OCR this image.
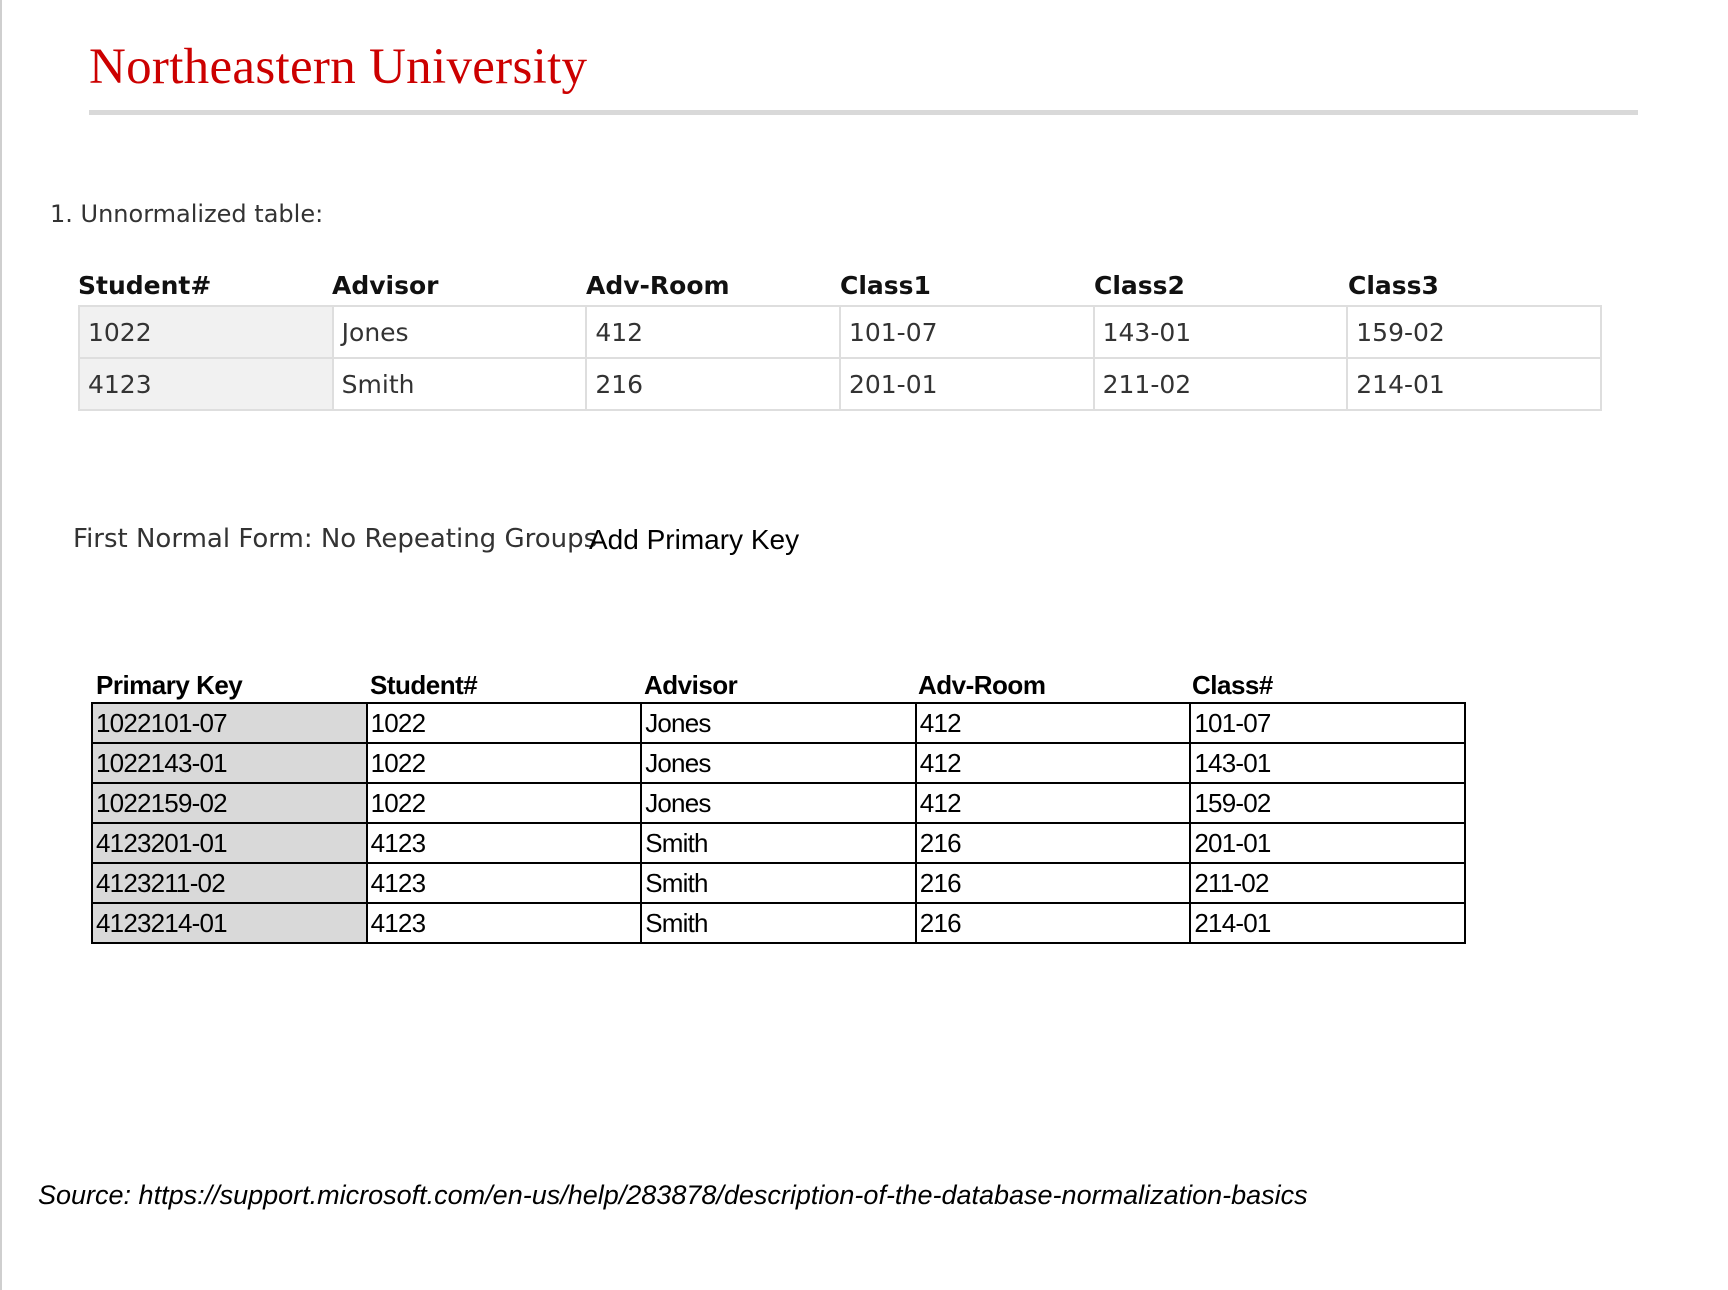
Northeastern University
1. Unnormalized table:
Student#	Advisor	Adv-Room	Class1	Class2	Class3
1022	Jones	412	101-07	143-01	159-02
4123	Smith	216	201-01	211-02	214-01
First Normal Form: No Repeating Groups
Add Primary Key
Primary Key	Student#	Advisor	Adv-Room	Class#
1022101-07	1022	Jones	412	101-07
1022143-01	1022	Jones	412	143-01
1022159-02	1022	Jones	412	159-02
4123201-01	4123	Smith	216	201-01
4123211-02	4123	Smith	216	211-02
4123214-01	4123	Smith	216	214-01
Source: https://support.microsoft.com/en-us/help/283878/description-of-the-database-normalization-basics
